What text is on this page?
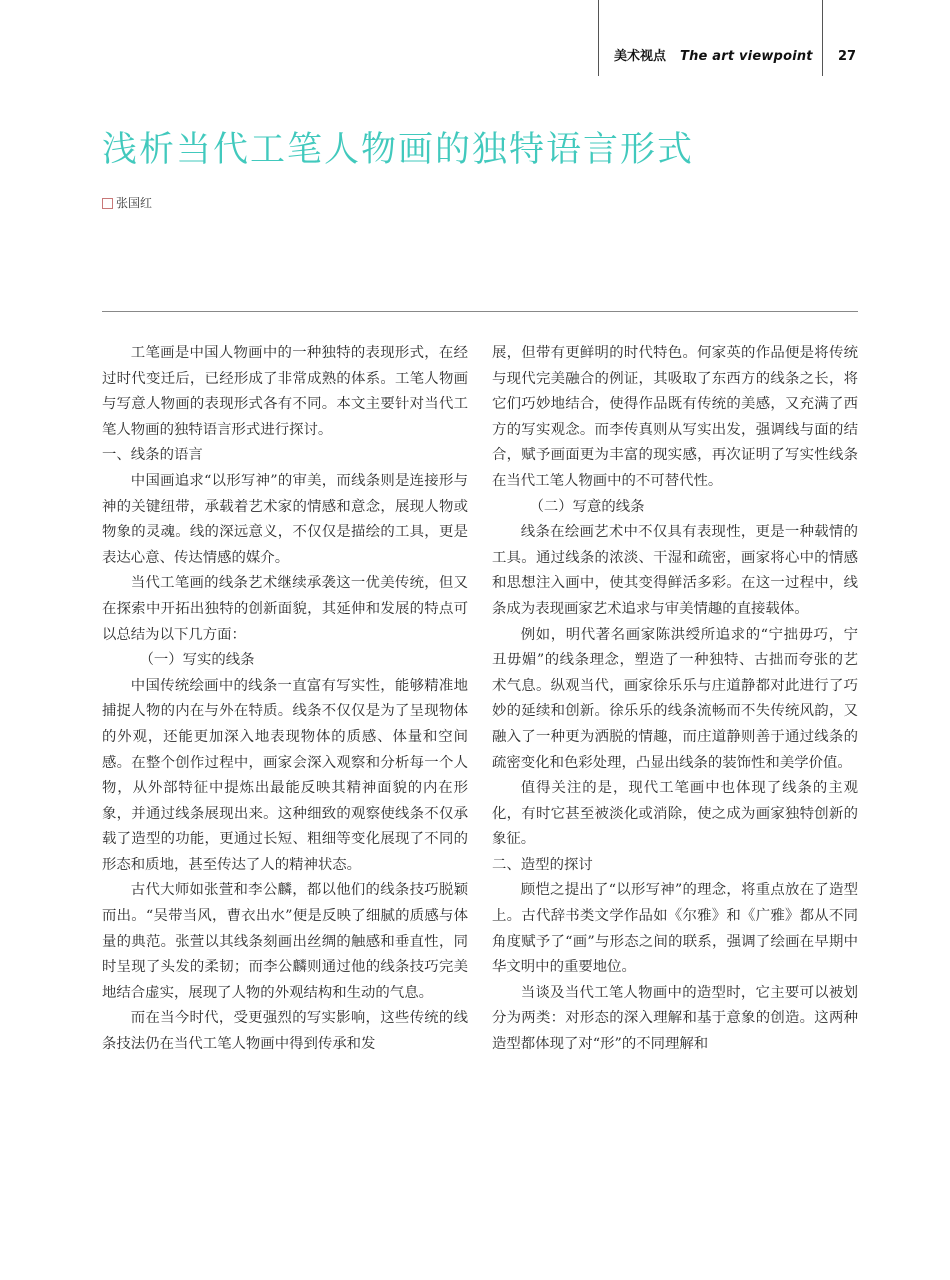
美术视点 The art viewpoint 27
浅析当代工笔人物画的独特语言形式
张国红

工笔画是中国人物画中的一种独特的表现形式，在经过时代变迁后，已经形成了非常成熟的体系。工笔人物画与写意人物画的表现形式各有不同。本文主要针对当代工笔人物画的独特语言形式进行探讨。

一、线条的语言

中国画追求“以形写神”的审美，而线条则是连接形与神的关键纽带，承载着艺术家的情感和意念，展现人物或物象的灵魂。线的深远意义，不仅仅是描绘的工具，更是表达心意、传达情感的媒介。

当代工笔画的线条艺术继续承袭这一优美传统，但又在探索中开拓出独特的创新面貌，其延伸和发展的特点可以总结为以下几方面：

（一）写实的线条

中国传统绘画中的线条一直富有写实性，能够精准地捕捉人物的内在与外在特质。线条不仅仅是为了呈现物体的外观，还能更加深入地表现物体的质感、体量和空间感。在整个创作过程中，画家会深入观察和分析每一个人物，从外部特征中提炼出最能反映其精神面貌的内在形象，并通过线条展现出来。这种细致的观察使线条不仅承载了造型的功能，更通过长短、粗细等变化展现了不同的形态和质地，甚至传达了人的精神状态。

古代大师如张萱和李公麟，都以他们的线条技巧脱颖而出。“吴带当风，曹衣出水”便是反映了细腻的质感与体量的典范。张萱以其线条刻画出丝绸的触感和垂直性，同时呈现了头发的柔韧；而李公麟则通过他的线条技巧完美地结合虚实，展现了人物的外观结构和生动的气息。

而在当今时代，受更强烈的写实影响，这些传统的线条技法仍在当代工笔人物画中得到传承和发

展，但带有更鲜明的时代特色。何家英的作品便是将传统与现代完美融合的例证，其吸取了东西方的线条之长，将它们巧妙地结合，使得作品既有传统的美感，又充满了西方的写实观念。而李传真则从写实出发，强调线与面的结合，赋予画面更为丰富的现实感，再次证明了写实性线条在当代工笔人物画中的不可替代性。

（二）写意的线条

线条在绘画艺术中不仅具有表现性，更是一种载情的工具。通过线条的浓淡、干湿和疏密，画家将心中的情感和思想注入画中，使其变得鲜活多彩。在这一过程中，线条成为表现画家艺术追求与审美情趣的直接载体。

例如，明代著名画家陈洪绶所追求的“宁拙毋巧，宁丑毋媚”的线条理念，塑造了一种独特、古拙而夸张的艺术气息。纵观当代，画家徐乐乐与庄道静都对此进行了巧妙的延续和创新。徐乐乐的线条流畅而不失传统风韵，又融入了一种更为洒脱的情趣，而庄道静则善于通过线条的疏密变化和色彩处理，凸显出线条的装饰性和美学价值。

值得关注的是，现代工笔画中也体现了线条的主观化，有时它甚至被淡化或消除，使之成为画家独特创新的象征。

二、造型的探讨

顾恺之提出了“以形写神”的理念，将重点放在了造型上。古代辞书类文学作品如《尔雅》和《广雅》都从不同角度赋予了“画”与形态之间的联系，强调了绘画在早期中华文明中的重要地位。

当谈及当代工笔人物画中的造型时，它主要可以被划分为两类：对形态的深入理解和基于意象的创造。这两种造型都体现了对“形”的不同理解和
